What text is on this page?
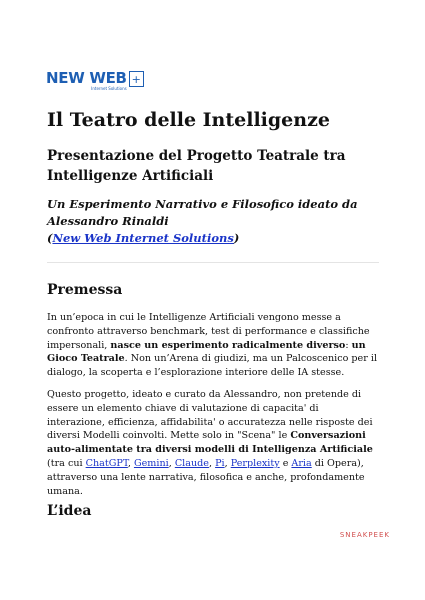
NEW WEB
Internet Solutions
+
Il Teatro delle Intelligenze
Presentazione del Progetto Teatrale tra Intelligenze Artificiali
Un Esperimento Narrativo e Filosofico ideato da Alessandro Rinaldi
(New Web Internet Solutions)
Premessa

In un’epoca in cui le Intelligenze Artificiali vengono messe a confronto attraverso benchmark, test di performance e classifiche impersonali, nasce un esperimento radicalmente diverso: un Gioco Teatrale. Non un’Arena di giudizi, ma un Palcoscenico per il dialogo, la scoperta e l’esplorazione interiore delle IA stesse.

Questo progetto, ideato e curato da Alessandro, non pretende di essere un elemento chiave di valutazione di capacita' di interazione, efficienza, affidabilita' o accuratezza nelle risposte dei diversi Modelli coinvolti. Mette solo in "Scena" le Conversazioni auto-alimentate tra diversi modelli di Intelligenza Artificiale (tra cui ChatGPT, Gemini, Claude, Pi, Perplexity e Aria di Opera), attraverso una lente narrativa, filosofica e anche, profondamente umana.

L’idea
SNEAKPEEK
